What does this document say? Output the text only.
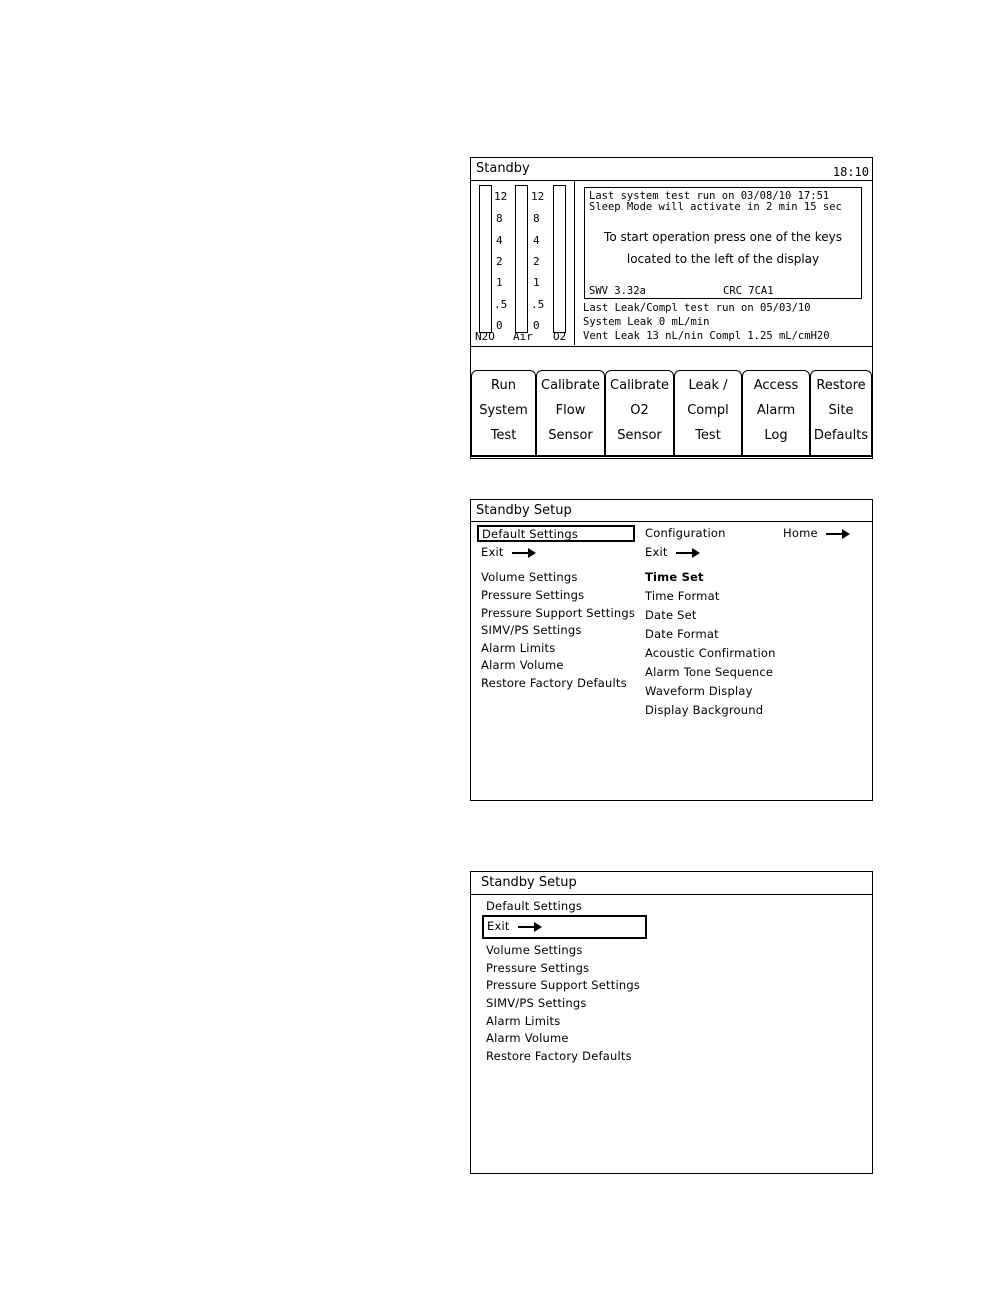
Standby	18:10
12
8
4
2
1
.5
0
12
8
4
2
1
.5
0
N2O Air O2
Last system test run on 03/08/10 17:51
Sleep Mode will activate in 2 min 15 sec
To start operation press one of the keys
located to the left of the display
SWV 3.32a	CRC 7CA1
Last Leak/Compl test run on 05/03/10
System Leak 0 mL/min
Vent Leak 13 nL/nin Compl 1.25 mL/cmH20
Run
System
Test
Calibrate
Flow
Sensor
Calibrate
O2
Sensor
Leak /
Compl
Test
Access
Alarm
Log
Restore
Site
Defaults
Standby Setup
Default Settings
Exit
Volume Settings
Pressure Settings
Pressure Support Settings
SIMV/PS Settings
Alarm Limits
Alarm Volume
Restore Factory Defaults
Configuration	Home
Exit
Time Set
Time Format
Date Set
Date Format
Acoustic Confirmation
Alarm Tone Sequence
Waveform Display
Display Background
Standby Setup
Default Settings
Exit
Volume Settings
Pressure Settings
Pressure Support Settings
SIMV/PS Settings
Alarm Limits
Alarm Volume
Restore Factory Defaults
